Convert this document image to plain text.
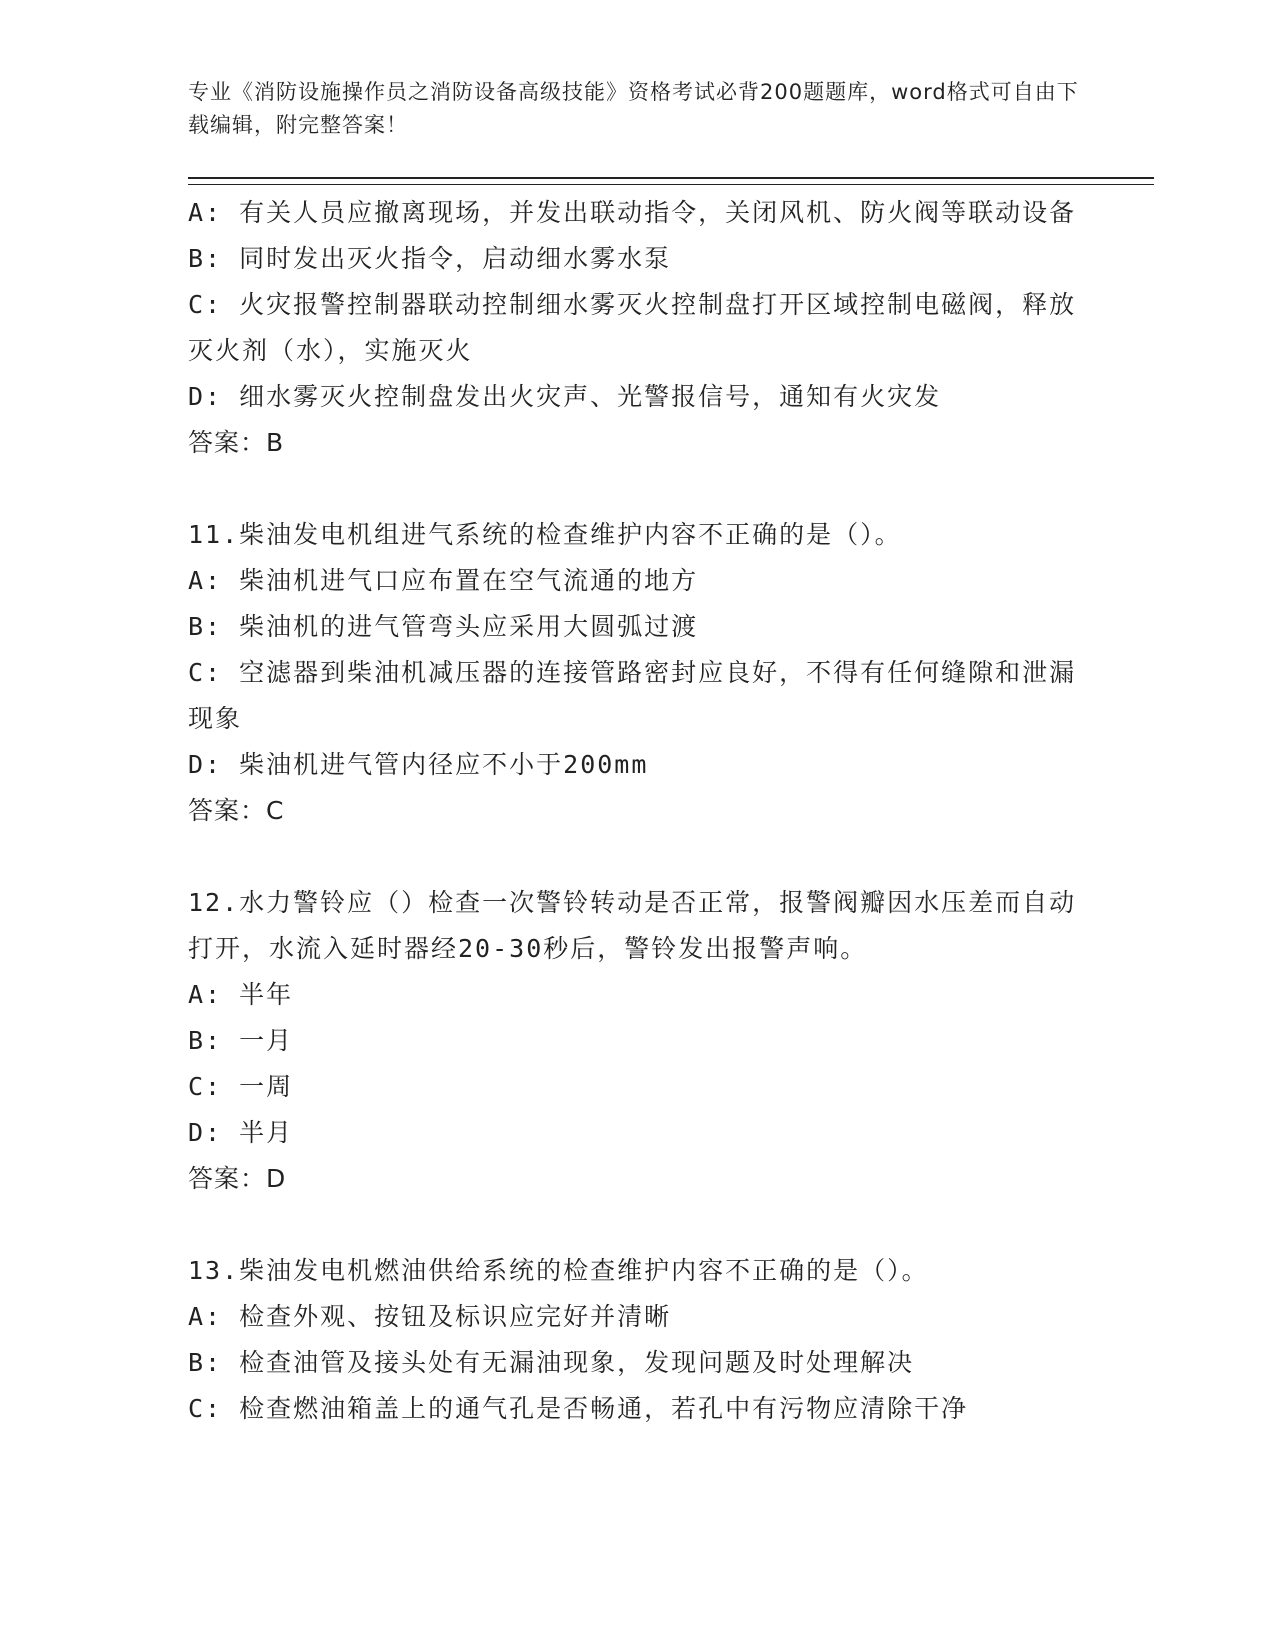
专业《消防设施操作员之消防设备高级技能》资格考试必背200题题库，word格式可自由下载编辑，附完整答案！

A: 有关人员应撤离现场，并发出联动指令，关闭风机、防火阀等联动设备

B: 同时发出灭火指令，启动细水雾水泵

C: 火灾报警控制器联动控制细水雾灭火控制盘打开区域控制电磁阀，释放灭火剂（水），实施灭火

D: 细水雾灭火控制盘发出火灾声、光警报信号，通知有火灾发

答案：B

11.柴油发电机组进气系统的检查维护内容不正确的是（）。

A: 柴油机进气口应布置在空气流通的地方

B: 柴油机的进气管弯头应采用大圆弧过渡

C: 空滤器到柴油机减压器的连接管路密封应良好，不得有任何缝隙和泄漏现象

D: 柴油机进气管内径应不小于200mm

答案：C

12.水力警铃应（）检查一次警铃转动是否正常，报警阀瓣因水压差而自动打开，水流入延时器经20-30秒后，警铃发出报警声响。

A: 半年

B: 一月

C: 一周

D: 半月

答案：D

13.柴油发电机燃油供给系统的检查维护内容不正确的是（）。

A: 检查外观、按钮及标识应完好并清晰

B: 检查油管及接头处有无漏油现象，发现问题及时处理解决

C: 检查燃油箱盖上的通气孔是否畅通，若孔中有污物应清除干净
